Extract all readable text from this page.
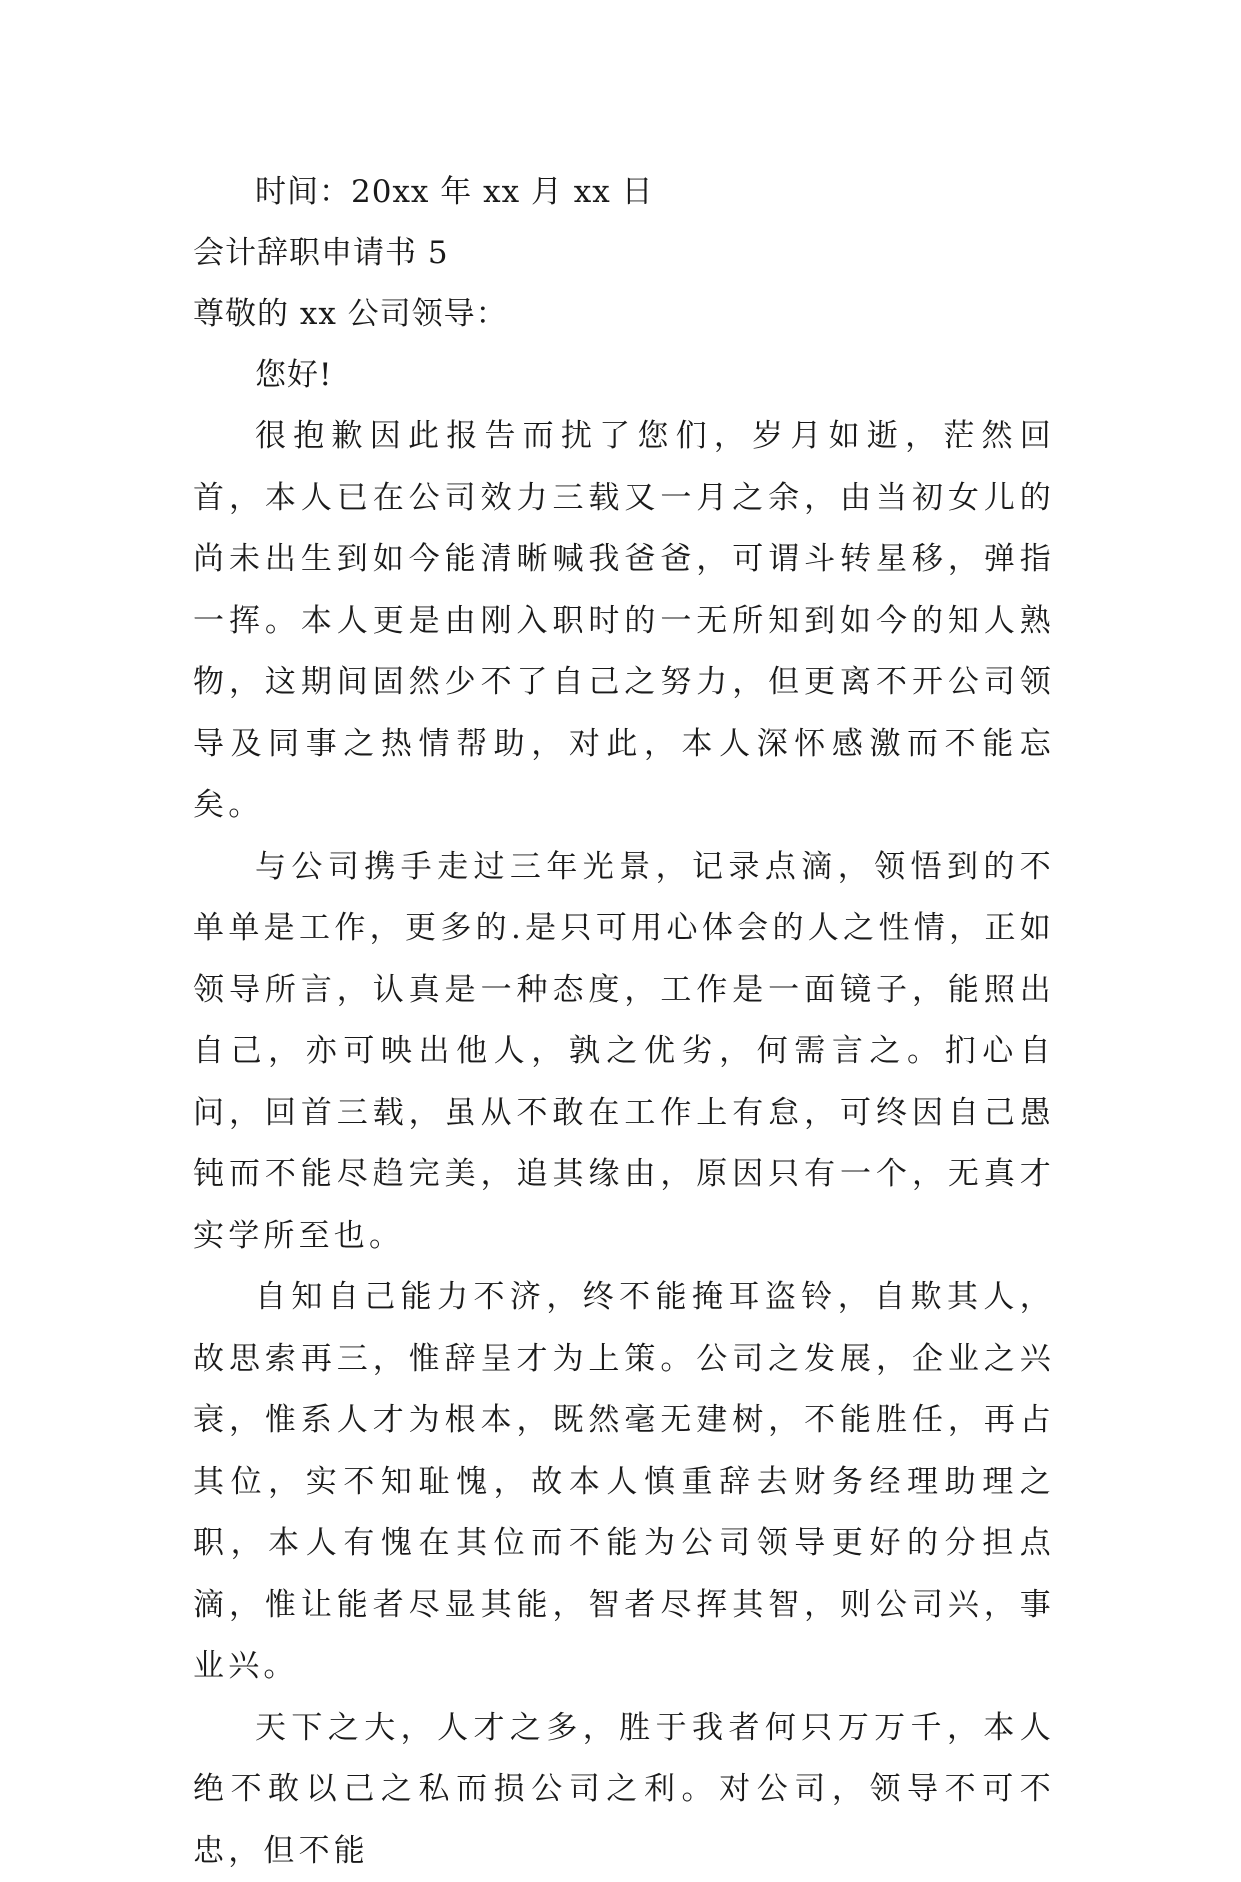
时间：20xx 年 xx 月 xx 日
会计辞职申请书 5
尊敬的 xx 公司领导：
您好!

很抱歉因此报告而扰了您们，岁月如逝，茫然回首，本人已在公司效力三载又一月之余，由当初女儿的尚未出生到如今能清晰喊我爸爸，可谓斗转星移，弹指一挥。本人更是由刚入职时的一无所知到如今的知人熟物，这期间固然少不了自己之努力，但更离不开公司领导及同事之热情帮助，对此，本人深怀感激而不能忘矣。

与公司携手走过三年光景，记录点滴，领悟到的不单单是工作，更多的.是只可用心体会的人之性情，正如领导所言，认真是一种态度，工作是一面镜子，能照出自己，亦可映出他人，孰之优劣，何需言之。扪心自问，回首三载，虽从不敢在工作上有怠，可终因自己愚钝而不能尽趋完美，追其缘由，原因只有一个，无真才实学所至也。

自知自己能力不济，终不能掩耳盗铃，自欺其人，故思索再三，惟辞呈才为上策。公司之发展，企业之兴衰，惟系人才为根本，既然毫无建树，不能胜任，再占其位，实不知耻愧，故本人慎重辞去财务经理助理之职，本人有愧在其位而不能为公司领导更好的分担点滴，惟让能者尽显其能，智者尽挥其智，则公司兴，事业兴。

天下之大，人才之多，胜于我者何只万万千，本人绝不敢以己之私而损公司之利。对公司，领导不可不忠，但不能
